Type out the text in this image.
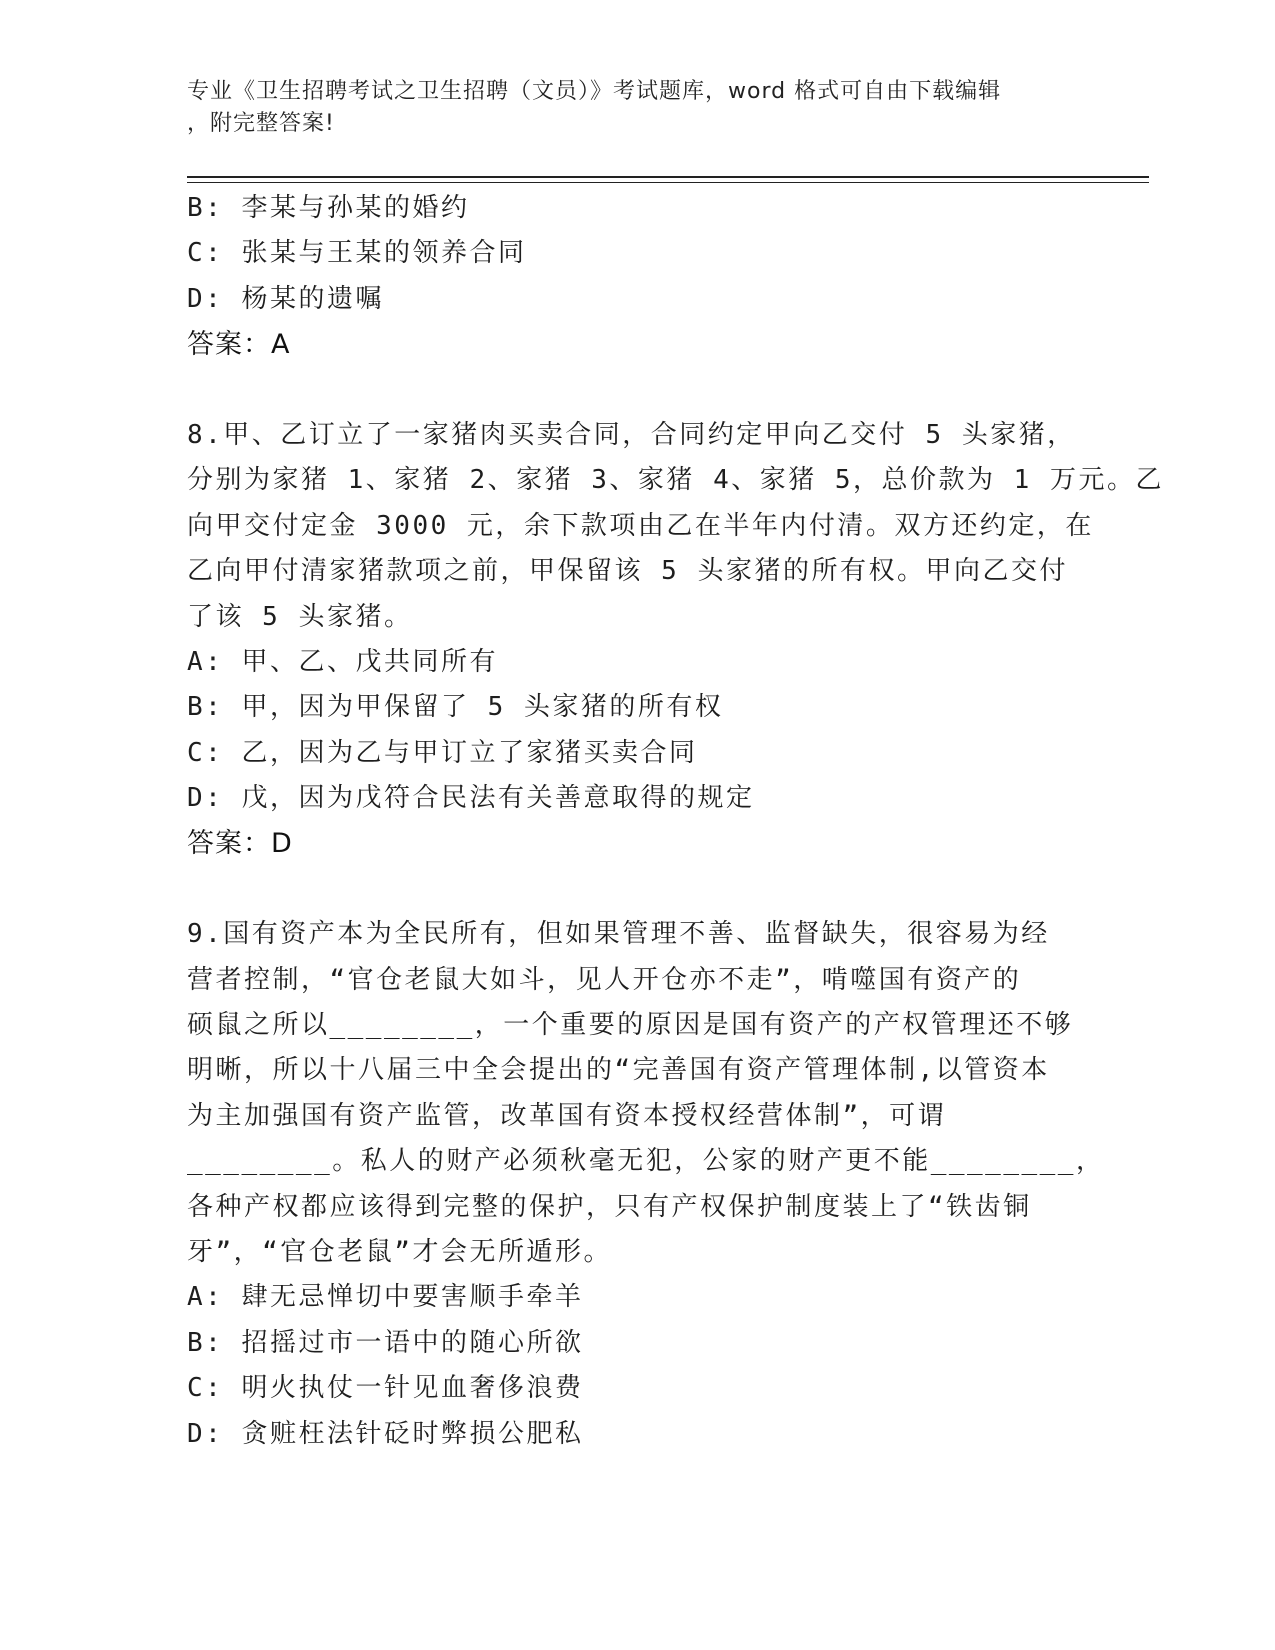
专业《卫生招聘考试之卫生招聘（文员）》考试题库，word 格式可自由下载编辑
，附完整答案!
B: 李某与孙某的婚约
C: 张某与王某的领养合同
D: 杨某的遗嘱
答案：A
8.甲、乙订立了一家猪肉买卖合同，合同约定甲向乙交付 5 头家猪，
分别为家猪 1、家猪 2、家猪 3、家猪 4、家猪 5，总价款为 1 万元。乙
向甲交付定金 3000 元，余下款项由乙在半年内付清。双方还约定，在
乙向甲付清家猪款项之前，甲保留该 5 头家猪的所有权。甲向乙交付
了该 5 头家猪。
A: 甲、乙、戊共同所有
B: 甲，因为甲保留了 5 头家猪的所有权
C: 乙，因为乙与甲订立了家猪买卖合同
D: 戊，因为戊符合民法有关善意取得的规定
答案：D
9.国有资产本为全民所有，但如果管理不善、监督缺失，很容易为经
营者控制，“官仓老鼠大如斗，见人开仓亦不走”，啃噬国有资产的
硕鼠之所以________，一个重要的原因是国有资产的产权管理还不够
明晰，所以十八届三中全会提出的“完善国有资产管理体制,以管资本
为主加强国有资产监管，改革国有资本授权经营体制”，可谓
________。私人的财产必须秋毫无犯，公家的财产更不能________，
各种产权都应该得到完整的保护，只有产权保护制度装上了“铁齿铜
牙”，“官仓老鼠”才会无所遁形。
A: 肆无忌惮切中要害顺手牵羊
B: 招摇过市一语中的随心所欲
C: 明火执仗一针见血奢侈浪费
D: 贪赃枉法针砭时弊损公肥私
